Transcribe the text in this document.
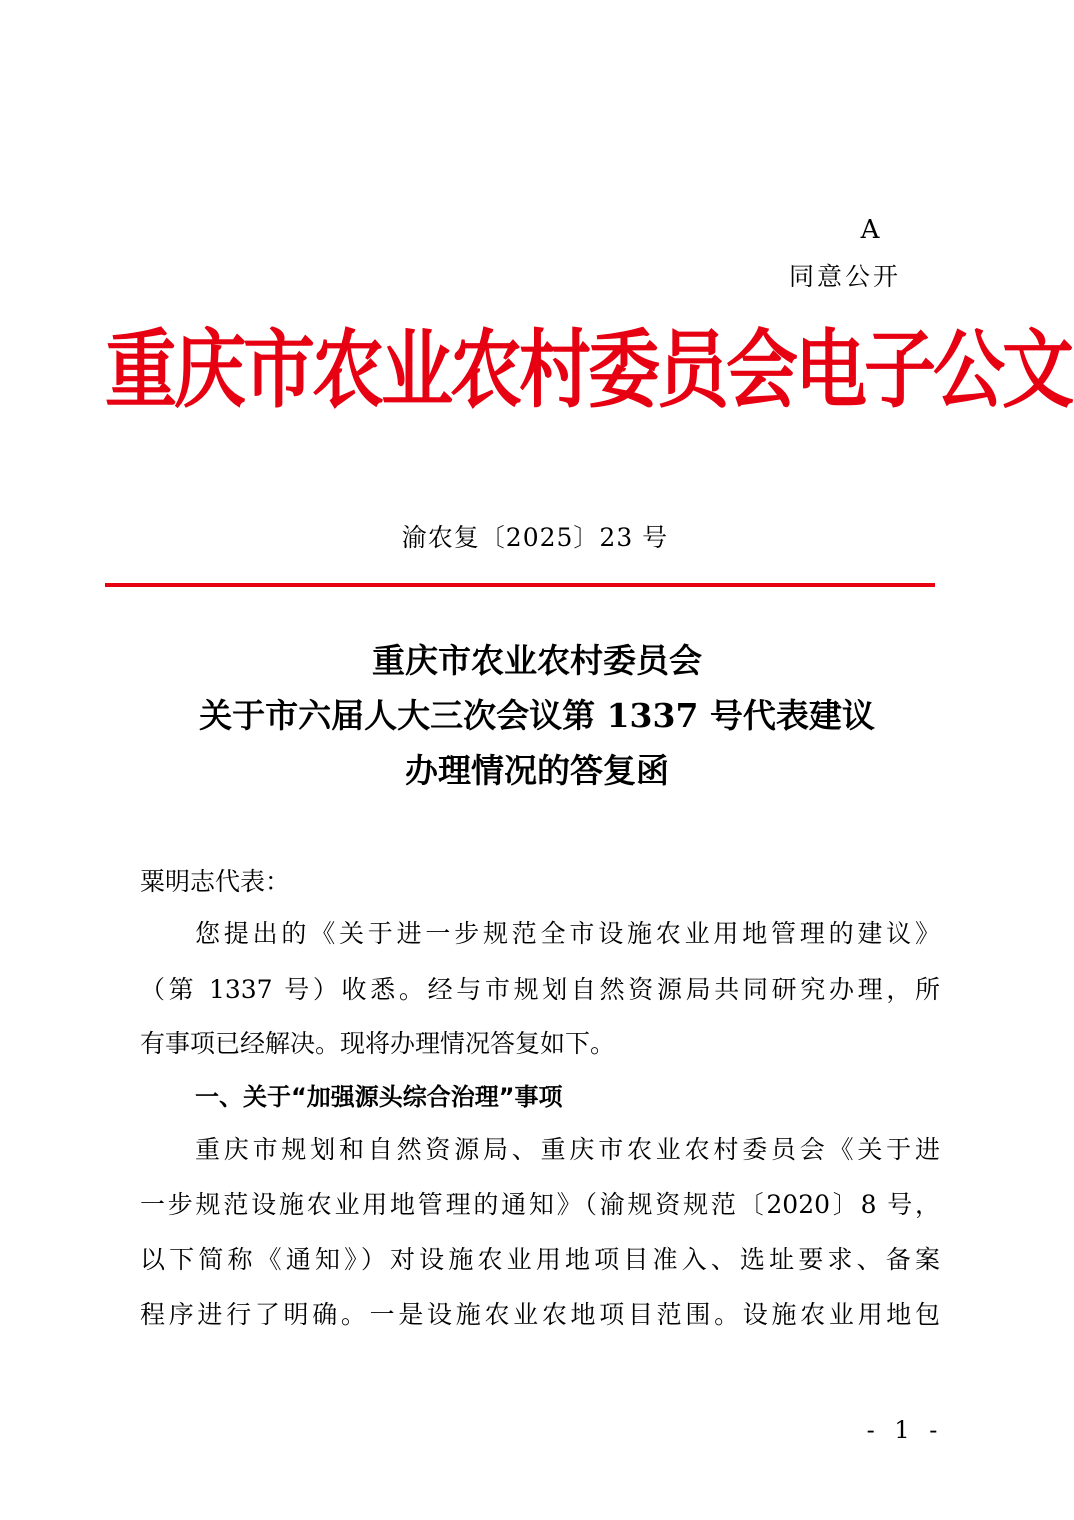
A
同意公开
重庆市农业农村委员会电子公文
渝农复〔2025〕23 号
重庆市农业农村委员会
关于市六届人大三次会议第 1337 号代表建议
办理情况的答复函
粟明志代表：
您提出的《关于进一步规范全市设施农业用地管理的建议》
（第 1337 号）收悉。经与市规划自然资源局共同研究办理，所
有事项已经解决。现将办理情况答复如下。
一、关于“加强源头综合治理”事项
重庆市规划和自然资源局、重庆市农业农村委员会《关于进
一步规范设施农业用地管理的通知》（渝规资规范〔2020〕8 号，
以下简称《通知》）对设施农业用地项目准入、选址要求、备案
程序进行了明确。一是设施农业农地项目范围。设施农业用地包
- 1 -
